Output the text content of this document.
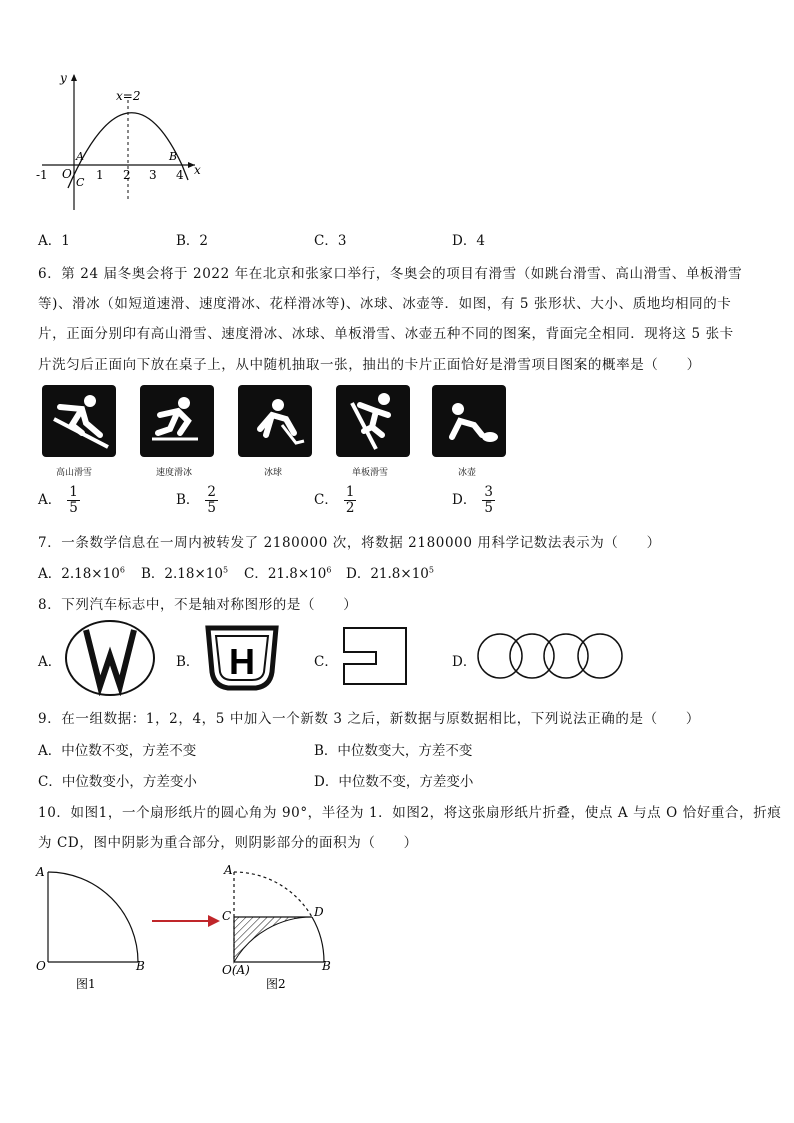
y
x
x=2
A	B
C
O
-1	1 2 3 4
A．1	B．2	C．3	D．4
6．第 24 届冬奥会将于 2022 年在北京和张家口举行，冬奥会的项目有滑雪（如跳台滑雪、高山滑雪、单板滑雪
等)、滑冰（如短道速滑、速度滑冰、花样滑冰等)、冰球、冰壶等．如图，有 5 张形状、大小、质地均相同的卡
片，正面分别印有高山滑雪、速度滑冰、冰球、单板滑雪、冰壶五种不同的图案，背面完全相同．现将这 5 张卡
片洗匀后正面向下放在桌子上，从中随机抽取一张，抽出的卡片正面恰好是滑雪项目图案的概率是（　　）
高山滑雪	速度滑冰	冰球	单板滑雪	冰壶
A． $\frac{1}{5}$	B． $\frac{2}{5}$	C． $\frac{1}{2}$	D． $\frac{3}{5}$
7．一条数学信息在一周内被转发了 2180000 次，将数据 2180000 用科学记数法表示为（　　）
A．$2.18\times 10^6$ B．$2.18\times 10^5$ C．$21.8\times 10^6$ D．$21.8\times 10^5$
8．下列汽车标志中，不是轴对称图形的是（　　）
A．	B．	C．	D．
H
9．在一组数据：1，2，4，5 中加入一个新数 3 之后，新数据与原数据相比，下列说法正确的是（　　）
A．中位数不变，方差不变	B．中位数变大，方差不变
C．中位数变小，方差变小	D．中位数不变，方差变小
10．如图1，一个扇形纸片的圆心角为 90°，半径为 1．如图2，将这张扇形纸片折叠，使点 A 与点 O 恰好重合，折痕
为 CD，图中阴影为重合部分，则阴影部分的面积为（　　）
A
O	B
图1
A
C	D
O(A)	B
图2
